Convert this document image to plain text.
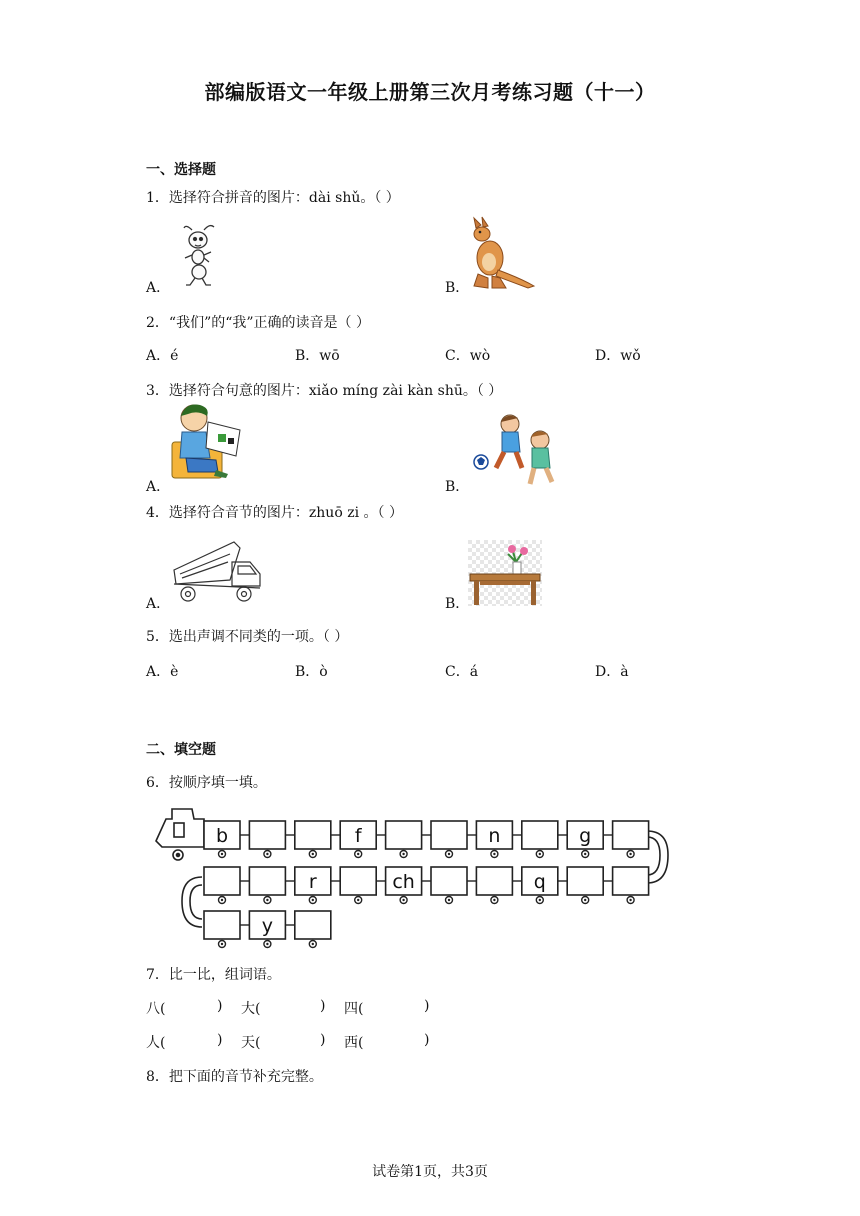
部编版语文一年级上册第三次月考练习题（十一）
一、选择题
1．选择符合拼音的图片：dài shǔ。（ ）
A．	B．
2．“我们”的“我”正确的读音是（ ）
A．é	B．wō	C．wò	D．wǒ
3．选择符合句意的图片：xiǎo míng zài kàn shū。（ ）
A．	B．
4．选择符合音节的图片：zhuō zi 。（ ）
A．	B．
5．选出声调不同类的一项。（ ）
A．è	B．ò	C．á	D．à
二、填空题
6．按顺序填一填。
b	f	n	g
r	ch	q
y
7．比一比，组词语。
八(	) 大(	) 四(	)
人(	) 天(	) 西(	)
8．把下面的音节补充完整。
试卷第1页，共3页
